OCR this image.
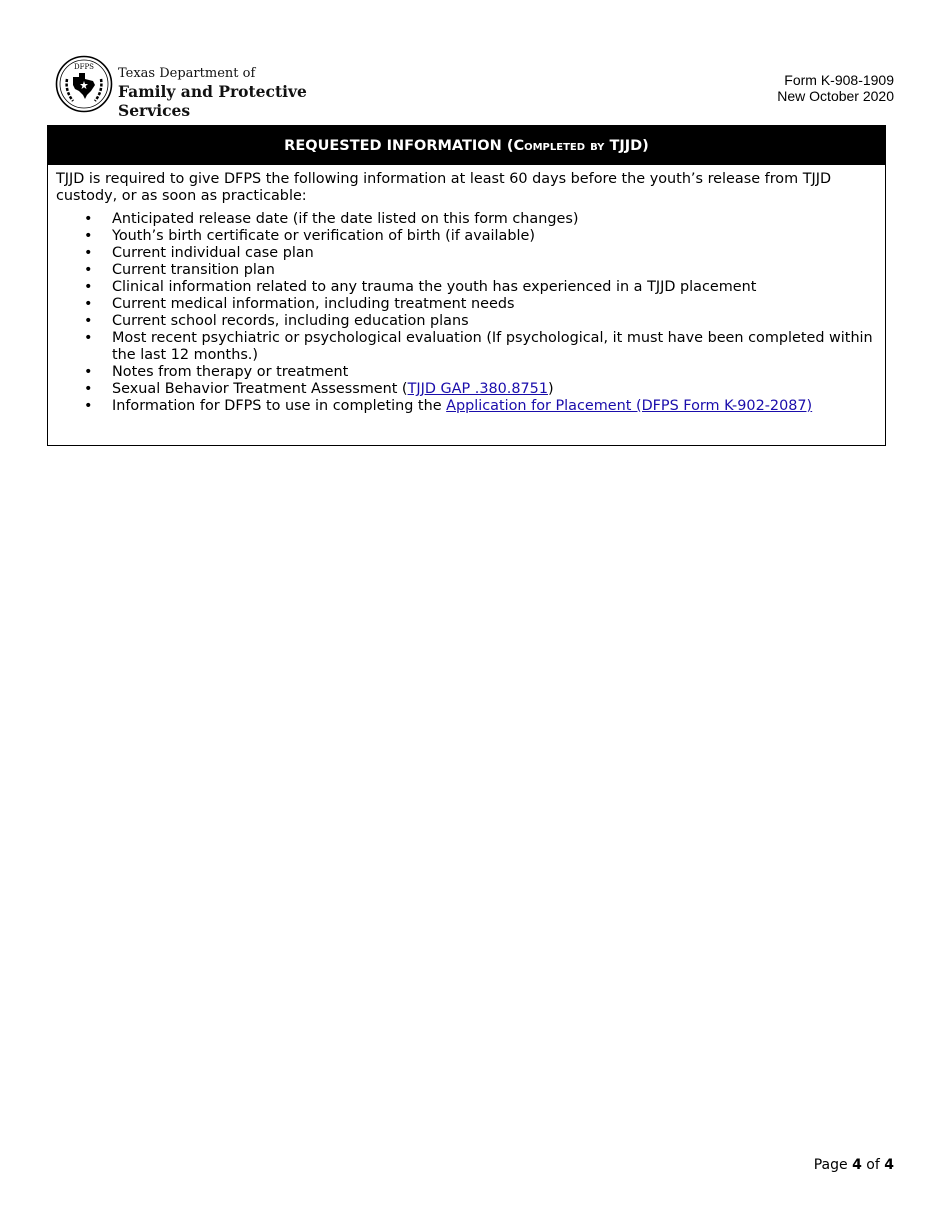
DFPS Texas Department of
Family and Protective Services
Form K-908-1909
New October 2020
REQUESTED INFORMATION (Completed by TJJD)

TJJD is required to give DFPS the following information at least 60 days before the youth’s release from TJJD custody, or as soon as practicable:

• Anticipated release date (if the date listed on this form changes)
• Youth’s birth certificate or verification of birth (if available)
• Current individual case plan
• Current transition plan
• Clinical information related to any trauma the youth has experienced in a TJJD placement
• Current medical information, including treatment needs
• Current school records, including education plans
• Most recent psychiatric or psychological evaluation (If psychological, it must have been completed within the last 12 months.)
• Notes from therapy or treatment
• Sexual Behavior Treatment Assessment (TJJD GAP .380.8751)
• Information for DFPS to use in completing the Application for Placement (DFPS Form K-902-2087)
Page 4 of 4
